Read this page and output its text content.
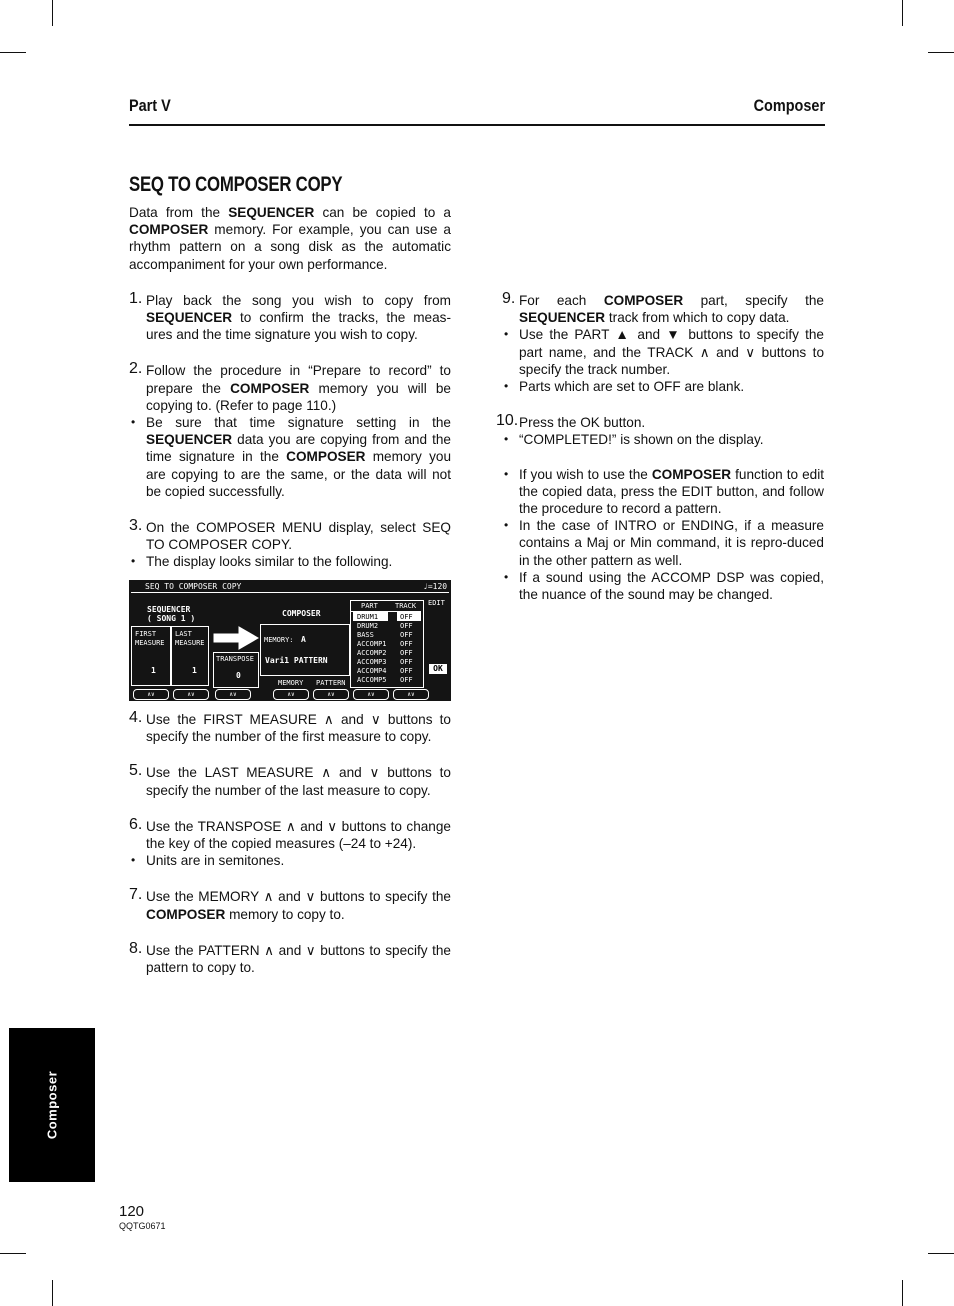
Part V	Composer
SEQ TO COMPOSER COPY

Data from the SEQUENCER can be copied to a COMPOSER memory. For example, you can use a rhythm pattern on a song disk as the automatic accompaniment for your own performance.

1. Play back the song you wish to copy from SEQUENCER to confirm the tracks, the meas-ures and the time signature you wish to copy.

2. Follow the procedure in “Prepare to record” to prepare the COMPOSER memory you will be copying to. (Refer to page 110.)

• Be sure that time signature setting in the SEQUENCER data you are copying from and the time signature in the COMPOSER memory you are copying to are the same, or the data will not be copied successfully.

3. On the COMPOSER MENU display, select SEQ TO COMPOSER COPY.

• The display looks similar to the following.

SEQ TO COMPOSER COPY	♩=120
SEQUENCER
( SONG 1 )
FIRST
MEASURE
1
LAST
MEASURE
1
TRANSPOSE
0
COMPOSER
MEMORY: A
Vari1 PATTERN
MEMORY PATTERN
PART TRACK
DRUM1	OFF
DRUM2	OFF
BASS	OFF
ACCOMP1 OFF
ACCOMP2 OFF
ACCOMP3 OFF
ACCOMP4 OFF
ACCOMP5 OFF
EDIT
OK
∧∨	∧∨	∧∨	∧∨	∧∨	∧∨	∧∨

4. Use the FIRST MEASURE ∧ and ∨ buttons to specify the number of the first measure to copy.

5. Use the LAST MEASURE ∧ and ∨ buttons to specify the number of the last measure to copy.

6. Use the TRANSPOSE ∧ and ∨ buttons to change the key of the copied measures (–24 to +24).

• Units are in semitones.

7. Use the MEMORY ∧ and ∨ buttons to specify the COMPOSER memory to copy to.

8. Use the PATTERN ∧ and ∨ buttons to specify the pattern to copy to.

9. For each COMPOSER part, specify the SEQUENCER track from which to copy data.

• Use the PART ▲ and ▼ buttons to specify the part name, and the TRACK ∧ and ∨ buttons to specify the track number.

• Parts which are set to OFF are blank.

10. Press the OK button.

• “COMPLETED!” is shown on the display.

• If you wish to use the COMPOSER function to edit the copied data, press the EDIT button, and follow the procedure to record a pattern.

• In the case of INTRO or ENDING, if a measure contains a Maj or Min command, it is repro-duced in the other pattern as well.

• If a sound using the ACCOMP DSP was copied, the nuance of the sound may be changed.

Composer
120
QQTG0671
